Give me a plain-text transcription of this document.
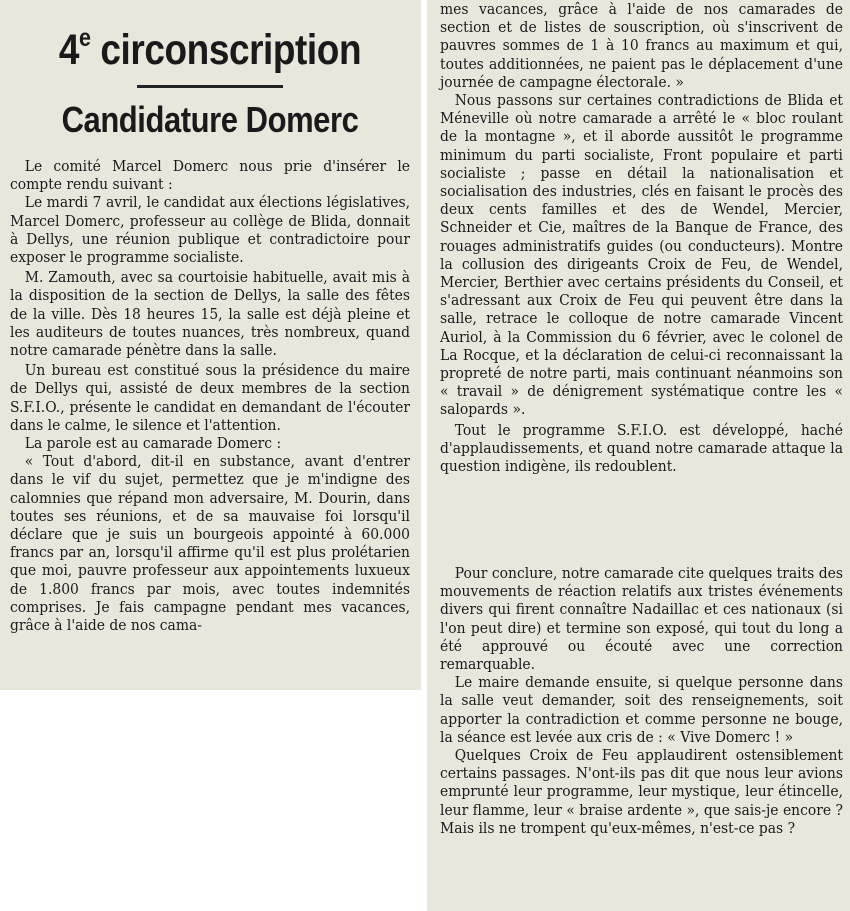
4e circonscription
Candidature Domerc

Le comité Marcel Domerc nous prie d'insérer le compte rendu suivant :

Le mardi 7 avril, le candidat aux élections législatives, Marcel Domerc, professeur au collège de Blida, donnait à Dellys, une réunion publique et contradictoire pour exposer le programme socialiste.

M. Zamouth, avec sa courtoisie habituelle, avait mis à la disposition de la section de Dellys, la salle des fêtes de la ville. Dès 18 heures 15, la salle est déjà pleine et les auditeurs de toutes nuances, très nombreux, quand notre camarade pénètre dans la salle.

Un bureau est constitué sous la présidence du maire de Dellys qui, assisté de deux membres de la section S.F.I.O., présente le candidat en demandant de l'écouter dans le calme, le silence et l'attention.

La parole est au camarade Domerc :

« Tout d'abord, dit-il en substance, avant d'entrer dans le vif du sujet, permettez que je m'indigne des calomnies que répand mon adversaire, M. Dourin, dans toutes ses réunions, et de sa mauvaise foi lorsqu'il déclare que je suis un bourgeois appointé à 60.000 francs par an, lorsqu'il affirme qu'il est plus prolétarien que moi, pauvre professeur aux appointements luxueux de 1.800 francs par mois, avec toutes indemnités comprises. Je fais campagne pendant mes vacances, grâce à l'aide de nos cama-

mes vacances, grâce à l'aide de nos camarades de section et de listes de souscription, où s'inscrivent de pauvres sommes de 1 à 10 francs au maximum et qui, toutes additionnées, ne paient pas le déplacement d'une journée de campagne électorale. »

Nous passons sur certaines contradictions de Blida et Méneville où notre camarade a arrêté le « bloc roulant de la montagne », et il aborde aussitôt le programme minimum du parti socialiste, Front populaire et parti socialiste ; passe en détail la nationalisation et socialisation des industries, clés en faisant le procès des deux cents familles et des de Wendel, Mercier, Schneider et Cie, maîtres de la Banque de France, des rouages administratifs guides (ou conducteurs). Montre la collusion des dirigeants Croix de Feu, de Wendel, Mercier, Berthier avec certains présidents du Conseil, et s'adressant aux Croix de Feu qui peuvent être dans la salle, retrace le colloque de notre camarade Vincent Auriol, à la Commission du 6 février, avec le colonel de La Rocque, et la déclaration de celui-ci reconnaissant la propreté de notre parti, mais continuant néanmoins son « travail » de dénigrement systématique contre les « salopards ».

Tout le programme S.F.I.O. est développé, haché d'applaudissements, et quand notre camarade attaque la question indigène, ils redoublent.

Pour conclure, notre camarade cite quelques traits des mouvements de réaction relatifs aux tristes événements divers qui firent connaître Nadaillac et ces nationaux (si l'on peut dire) et termine son exposé, qui tout du long a été approuvé ou écouté avec une correction remarquable.

Le maire demande ensuite, si quelque personne dans la salle veut demander, soit des renseignements, soit apporter la contradiction et comme personne ne bouge, la séance est levée aux cris de : « Vive Domerc ! »

Quelques Croix de Feu applaudirent ostensiblement certains passages. N'ont-ils pas dit que nous leur avions emprunté leur programme, leur mystique, leur étincelle, leur flamme, leur « braise ardente », que sais-je encore ? Mais ils ne trompent qu'eux-mêmes, n'est-ce pas ?
